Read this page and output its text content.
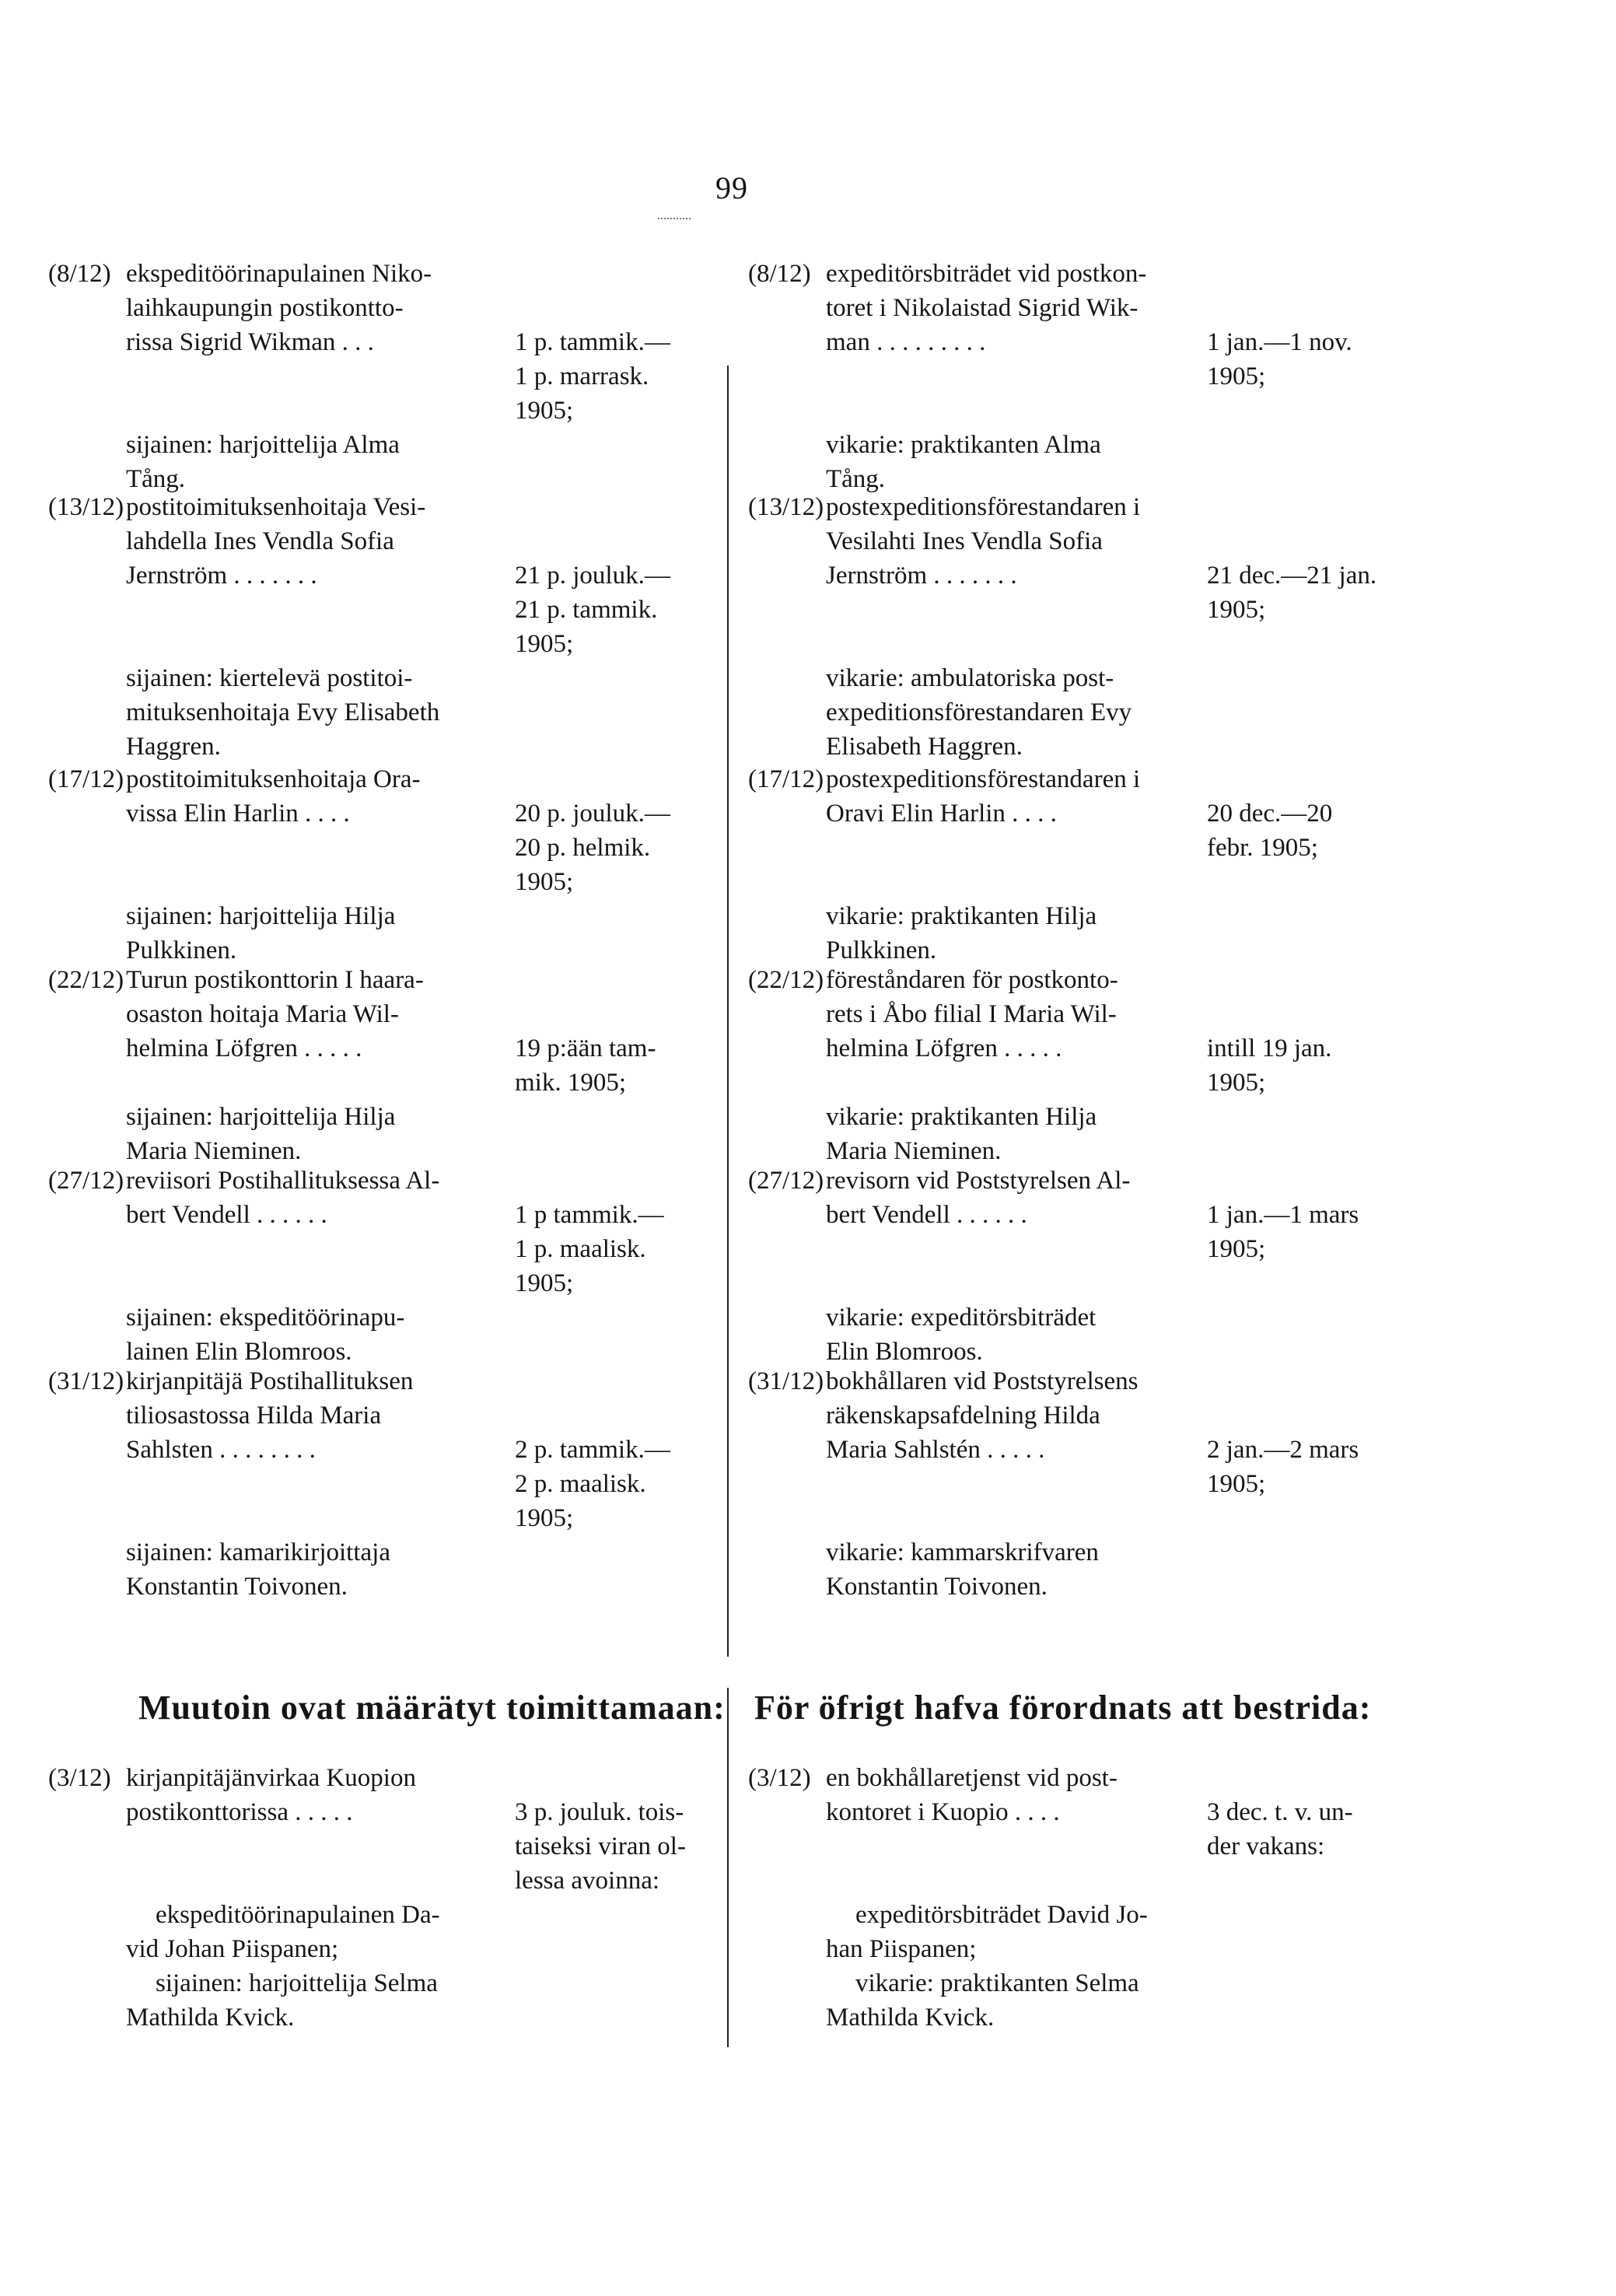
99
(8/12) ekspeditöörinapulainen Niko-
laihkaupungin postikontto-
rissa Sigrid Wikman . . .	1 p. tammik.—
1 p. marrask.
1905;
sijainen: harjoittelija Alma
Tång.
(13/12) postitoimituksenhoitaja Vesi-
lahdella Ines Vendla Sofia
Jernström . . . . . . .	21 p. jouluk.—
21 p. tammik.
1905;
sijainen: kiertelevä postitoi-
mituksenhoitaja Evy Elisabeth
Haggren.
(17/12) postitoimituksenhoitaja Ora-
vissa Elin Harlin . . . .	20 p. jouluk.—
20 p. helmik.
1905;
sijainen: harjoittelija Hilja
Pulkkinen.
(22/12) Turun postikonttorin I haara-
osaston hoitaja Maria Wil-
helmina Löfgren . . . . .	19 p:ään tam-
mik. 1905;
sijainen: harjoittelija Hilja
Maria Nieminen.
(27/12) reviisori Postihallituksessa Al-
bert Vendell . . . . . .	1 p tammik.—
1 p. maalisk.
1905;
sijainen: ekspeditöörinapu-
lainen Elin Blomroos.
(31/12) kirjanpitäjä Postihallituksen
tiliosastossa Hilda Maria
Sahlsten . . . . . . . .	2 p. tammik.—
2 p. maalisk.
1905;
sijainen: kamarikirjoittaja
Konstantin Toivonen.
(8/12) expeditörsbiträdet vid postkon-
toret i Nikolaistad Sigrid Wik-
man . . . . . . . . .	1 jan.—1 nov.
1905;
vikarie: praktikanten Alma
Tång.
(13/12) postexpeditionsförestandaren i
Vesilahti Ines Vendla Sofia
Jernström . . . . . . .	21 dec.—21 jan.
1905;
vikarie: ambulatoriska post-
expeditionsförestandaren Evy
Elisabeth Haggren.
(17/12) postexpeditionsförestandaren i
Oravi Elin Harlin . . . .	20 dec.—20
febr. 1905;
vikarie: praktikanten Hilja
Pulkkinen.
(22/12) föreståndaren för postkonto-
rets i Åbo filial I Maria Wil-
helmina Löfgren . . . . .	intill 19 jan.
1905;
vikarie: praktikanten Hilja
Maria Nieminen.
(27/12) revisorn vid Poststyrelsen Al-
bert Vendell . . . . . .	1 jan.—1 mars
1905;
vikarie: expeditörsbiträdet
Elin Blomroos.
(31/12) bokhållaren vid Poststyrelsens
räkenskapsafdelning Hilda
Maria Sahlstén . . . . .	2 jan.—2 mars
1905;
vikarie: kammarskrifvaren
Konstantin Toivonen.
Muutoin ovat määrätyt toimittamaan: För öfrigt hafva förordnats att bestrida:
(3/12) kirjanpitäjänvirkaa Kuopion
postikonttorissa . . . . .	3 p. jouluk. tois-
taiseksi viran ol-
lessa avoinna:
ekspeditöörinapulainen Da-
vid Johan Piispanen;
sijainen: harjoittelija Selma
Mathilda Kvick.
(3/12) en bokhållaretjenst vid post-
kontoret i Kuopio . . . .	3 dec. t. v. un-
der vakans:
expeditörsbiträdet David Jo-
han Piispanen;
vikarie: praktikanten Selma
Mathilda Kvick.
